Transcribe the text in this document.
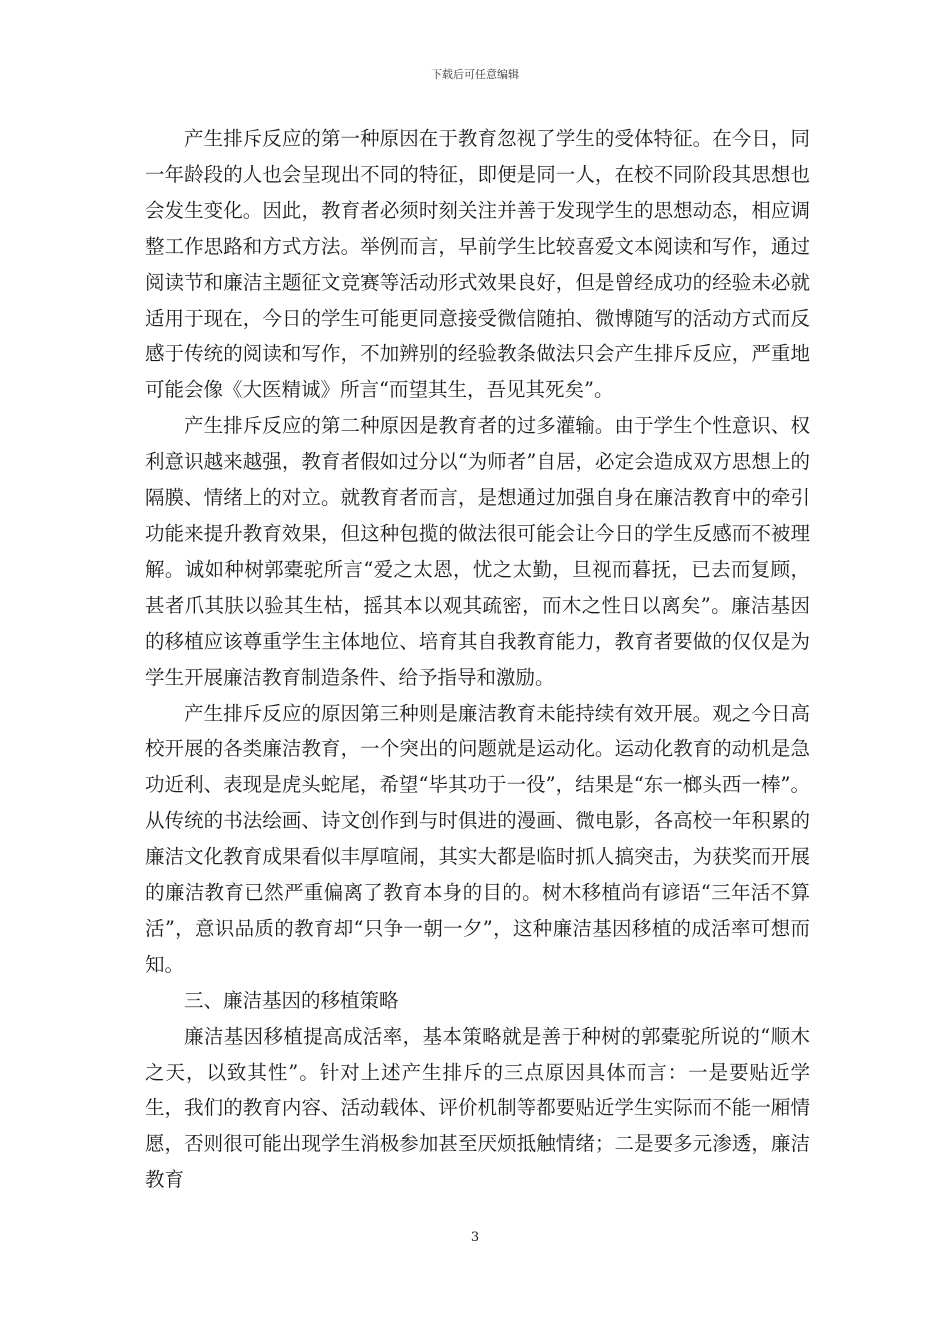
下载后可任意编辑

产生排斥反应的第一种原因在于教育忽视了学生的受体特征。在今日，同一年龄段的人也会呈现出不同的特征，即便是同一人，在校不同阶段其思想也会发生变化。因此，教育者必须时刻关注并善于发现学生的思想动态，相应调整工作思路和方式方法。举例而言，早前学生比较喜爱文本阅读和写作，通过阅读节和廉洁主题征文竞赛等活动形式效果良好，但是曾经成功的经验未必就适用于现在，今日的学生可能更同意接受微信随拍、微博随写的活动方式而反感于传统的阅读和写作，不加辨别的经验教条做法只会产生排斥反应，严重地可能会像《大医精诚》所言“而望其生，吾见其死矣”。

产生排斥反应的第二种原因是教育者的过多灌输。由于学生个性意识、权利意识越来越强，教育者假如过分以“为师者”自居，必定会造成双方思想上的隔膜、情绪上的对立。就教育者而言，是想通过加强自身在廉洁教育中的牵引功能来提升教育效果，但这种包揽的做法很可能会让今日的学生反感而不被理解。诚如种树郭橐驼所言“爱之太恩，忧之太勤，旦视而暮抚，已去而复顾，甚者爪其肤以验其生枯，摇其本以观其疏密，而木之性日以离矣”。廉洁基因的移植应该尊重学生主体地位、培育其自我教育能力，教育者要做的仅仅是为学生开展廉洁教育制造条件、给予指导和激励。

产生排斥反应的原因第三种则是廉洁教育未能持续有效开展。观之今日高校开展的各类廉洁教育，一个突出的问题就是运动化。运动化教育的动机是急功近利、表现是虎头蛇尾，希望“毕其功于一役”，结果是“东一榔头西一棒”。从传统的书法绘画、诗文创作到与时俱进的漫画、微电影，各高校一年积累的廉洁文化教育成果看似丰厚喧闹，其实大都是临时抓人搞突击，为获奖而开展的廉洁教育已然严重偏离了教育本身的目的。树木移植尚有谚语“三年活不算活”，意识品质的教育却“只争一朝一夕”，这种廉洁基因移植的成活率可想而知。

三、廉洁基因的移植策略

廉洁基因移植提高成活率，基本策略就是善于种树的郭橐驼所说的“顺木之天，以致其性”。针对上述产生排斥的三点原因具体而言：一是要贴近学生，我们的教育内容、活动载体、评价机制等都要贴近学生实际而不能一厢情愿，否则很可能出现学生消极参加甚至厌烦抵触情绪；二是要多元渗透，廉洁教育

3
